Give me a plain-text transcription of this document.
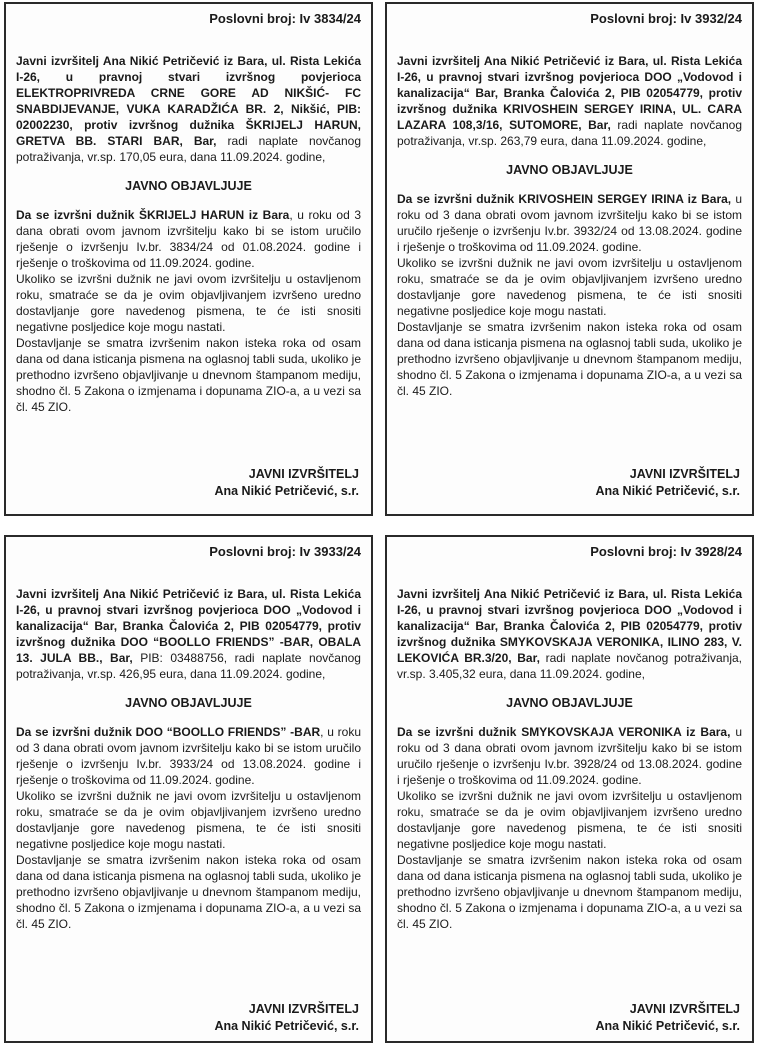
Poslovni broj: Iv 3834/24
Javni izvršitelj Ana Nikić Petričević iz Bara, ul. Rista Lekića I-26, u pravnoj stvari izvršnog povjerioca ELEKTROPRIVREDA CRNE GORE AD NIKŠIĆ- FC SNABDIJEVANJE, VUKA KARADŽIĆA BR. 2, Nikšić, PIB: 02002230, protiv izvršnog dužnika ŠKRIJELJ HARUN, GRETVA BB. STARI BAR, Bar, radi naplate novčanog potraživanja, vr.sp. 170,05 eura, dana 11.09.2024. godine,
JAVNO OBJAVLJUJE

Da se izvršni dužnik ŠKRIJELJ HARUN iz Bara, u roku od 3 dana obrati ovom javnom izvršitelju kako bi se istom uručilo rješenje o izvršenju Iv.br. 3834/24 od 01.08.2024. godine i rješenje o troškovima od 11.09.2024. godine.

Ukoliko se izvršni dužnik ne javi ovom izvršitelju u ostavljenom roku, smatraće se da je ovim objavljivanjem izvršeno uredno dostavljanje gore navedenog pismena, te će isti snositi negativne posljedice koje mogu nastati.

Dostavljanje se smatra izvršenim nakon isteka roka od osam dana od dana isticanja pismena na oglasnoj tabli suda, ukoliko je prethodno izvršeno objavljivanje u dnevnom štampanom mediju, shodno čl. 5 Zakona o izmjenama i dopunama ZIO-a, a u vezi sa čl. 45 ZIO.

JAVNI IZVRŠITELJ
Ana Nikić Petričević, s.r.
Poslovni broj: Iv 3932/24
Javni izvršitelj Ana Nikić Petričević iz Bara, ul. Rista Lekića I-26, u pravnoj stvari izvršnog povjerioca DOO „Vodovod i kanalizacija“ Bar, Branka Čalovića 2, PIB 02054779, protiv izvršnog dužnika KRIVOSHEIN SERGEY IRINA, UL. CARA LAZARA 108,3/16, SUTOMORE, Bar, radi naplate novčanog potraživanja, vr.sp. 263,79 eura, dana 11.09.2024. godine,
JAVNO OBJAVLJUJE

Da se izvršni dužnik KRIVOSHEIN SERGEY IRINA iz Bara, u roku od 3 dana obrati ovom javnom izvršitelju kako bi se istom uručilo rješenje o izvršenju Iv.br. 3932/24 od 13.08.2024. godine i rješenje o troškovima od 11.09.2024. godine.

Ukoliko se izvršni dužnik ne javi ovom izvršitelju u ostavljenom roku, smatraće se da je ovim objavljivanjem izvršeno uredno dostavljanje gore navedenog pismena, te će isti snositi negativne posljedice koje mogu nastati.

Dostavljanje se smatra izvršenim nakon isteka roka od osam dana od dana isticanja pismena na oglasnoj tabli suda, ukoliko je prethodno izvršeno objavljivanje u dnevnom štampanom mediju, shodno čl. 5 Zakona o izmjenama i dopunama ZIO-a, a u vezi sa čl. 45 ZIO.

JAVNI IZVRŠITELJ
Ana Nikić Petričević, s.r.
Poslovni broj: Iv 3933/24
Javni izvršitelj Ana Nikić Petričević iz Bara, ul. Rista Lekića I-26, u pravnoj stvari izvršnog povjerioca DOO „Vodovod i kanalizacija“ Bar, Branka Čalovića 2, PIB 02054779, protiv izvršnog dužnika DOO “BOOLLO FRIENDS” -BAR, OBALA 13. JULA BB., Bar, PIB: 03488756, radi naplate novčanog potraživanja, vr.sp. 426,95 eura, dana 11.09.2024. godine,
JAVNO OBJAVLJUJE

Da se izvršni dužnik DOO “BOOLLO FRIENDS” -BAR, u roku od 3 dana obrati ovom javnom izvršitelju kako bi se istom uručilo rješenje o izvršenju Iv.br. 3933/24 od 13.08.2024. godine i rješenje o troškovima od 11.09.2024. godine.

Ukoliko se izvršni dužnik ne javi ovom izvršitelju u ostavljenom roku, smatraće se da je ovim objavljivanjem izvršeno uredno dostavljanje gore navedenog pismena, te će isti snositi negativne posljedice koje mogu nastati.

Dostavljanje se smatra izvršenim nakon isteka roka od osam dana od dana isticanja pismena na oglasnoj tabli suda, ukoliko je prethodno izvršeno objavljivanje u dnevnom štampanom mediju, shodno čl. 5 Zakona o izmjenama i dopunama ZIO-a, a u vezi sa čl. 45 ZIO.

JAVNI IZVRŠITELJ
Ana Nikić Petričević, s.r.
Poslovni broj: Iv 3928/24
Javni izvršitelj Ana Nikić Petričević iz Bara, ul. Rista Lekića I-26, u pravnoj stvari izvršnog povjerioca DOO „Vodovod i kanalizacija“ Bar, Branka Čalovića 2, PIB 02054779, protiv izvršnog dužnika SMYKOVSKAJA VERONIKA, ILINO 283, V. LEKOVIĆA BR.3/20, Bar, radi naplate novčanog potraživanja, vr.sp. 3.405,32 eura, dana 11.09.2024. godine,
JAVNO OBJAVLJUJE

Da se izvršni dužnik SMYKOVSKAJA VERONIKA iz Bara, u roku od 3 dana obrati ovom javnom izvršitelju kako bi se istom uručilo rješenje o izvršenju Iv.br. 3928/24 od 13.08.2024. godine i rješenje o troškovima od 11.09.2024. godine.

Ukoliko se izvršni dužnik ne javi ovom izvršitelju u ostavljenom roku, smatraće se da je ovim objavljivanjem izvršeno uredno dostavljanje gore navedenog pismena, te će isti snositi negativne posljedice koje mogu nastati.

Dostavljanje se smatra izvršenim nakon isteka roka od osam dana od dana isticanja pismena na oglasnoj tabli suda, ukoliko je prethodno izvršeno objavljivanje u dnevnom štampanom mediju, shodno čl. 5 Zakona o izmjenama i dopunama ZIO-a, a u vezi sa čl. 45 ZIO.

JAVNI IZVRŠITELJ
Ana Nikić Petričević, s.r.
